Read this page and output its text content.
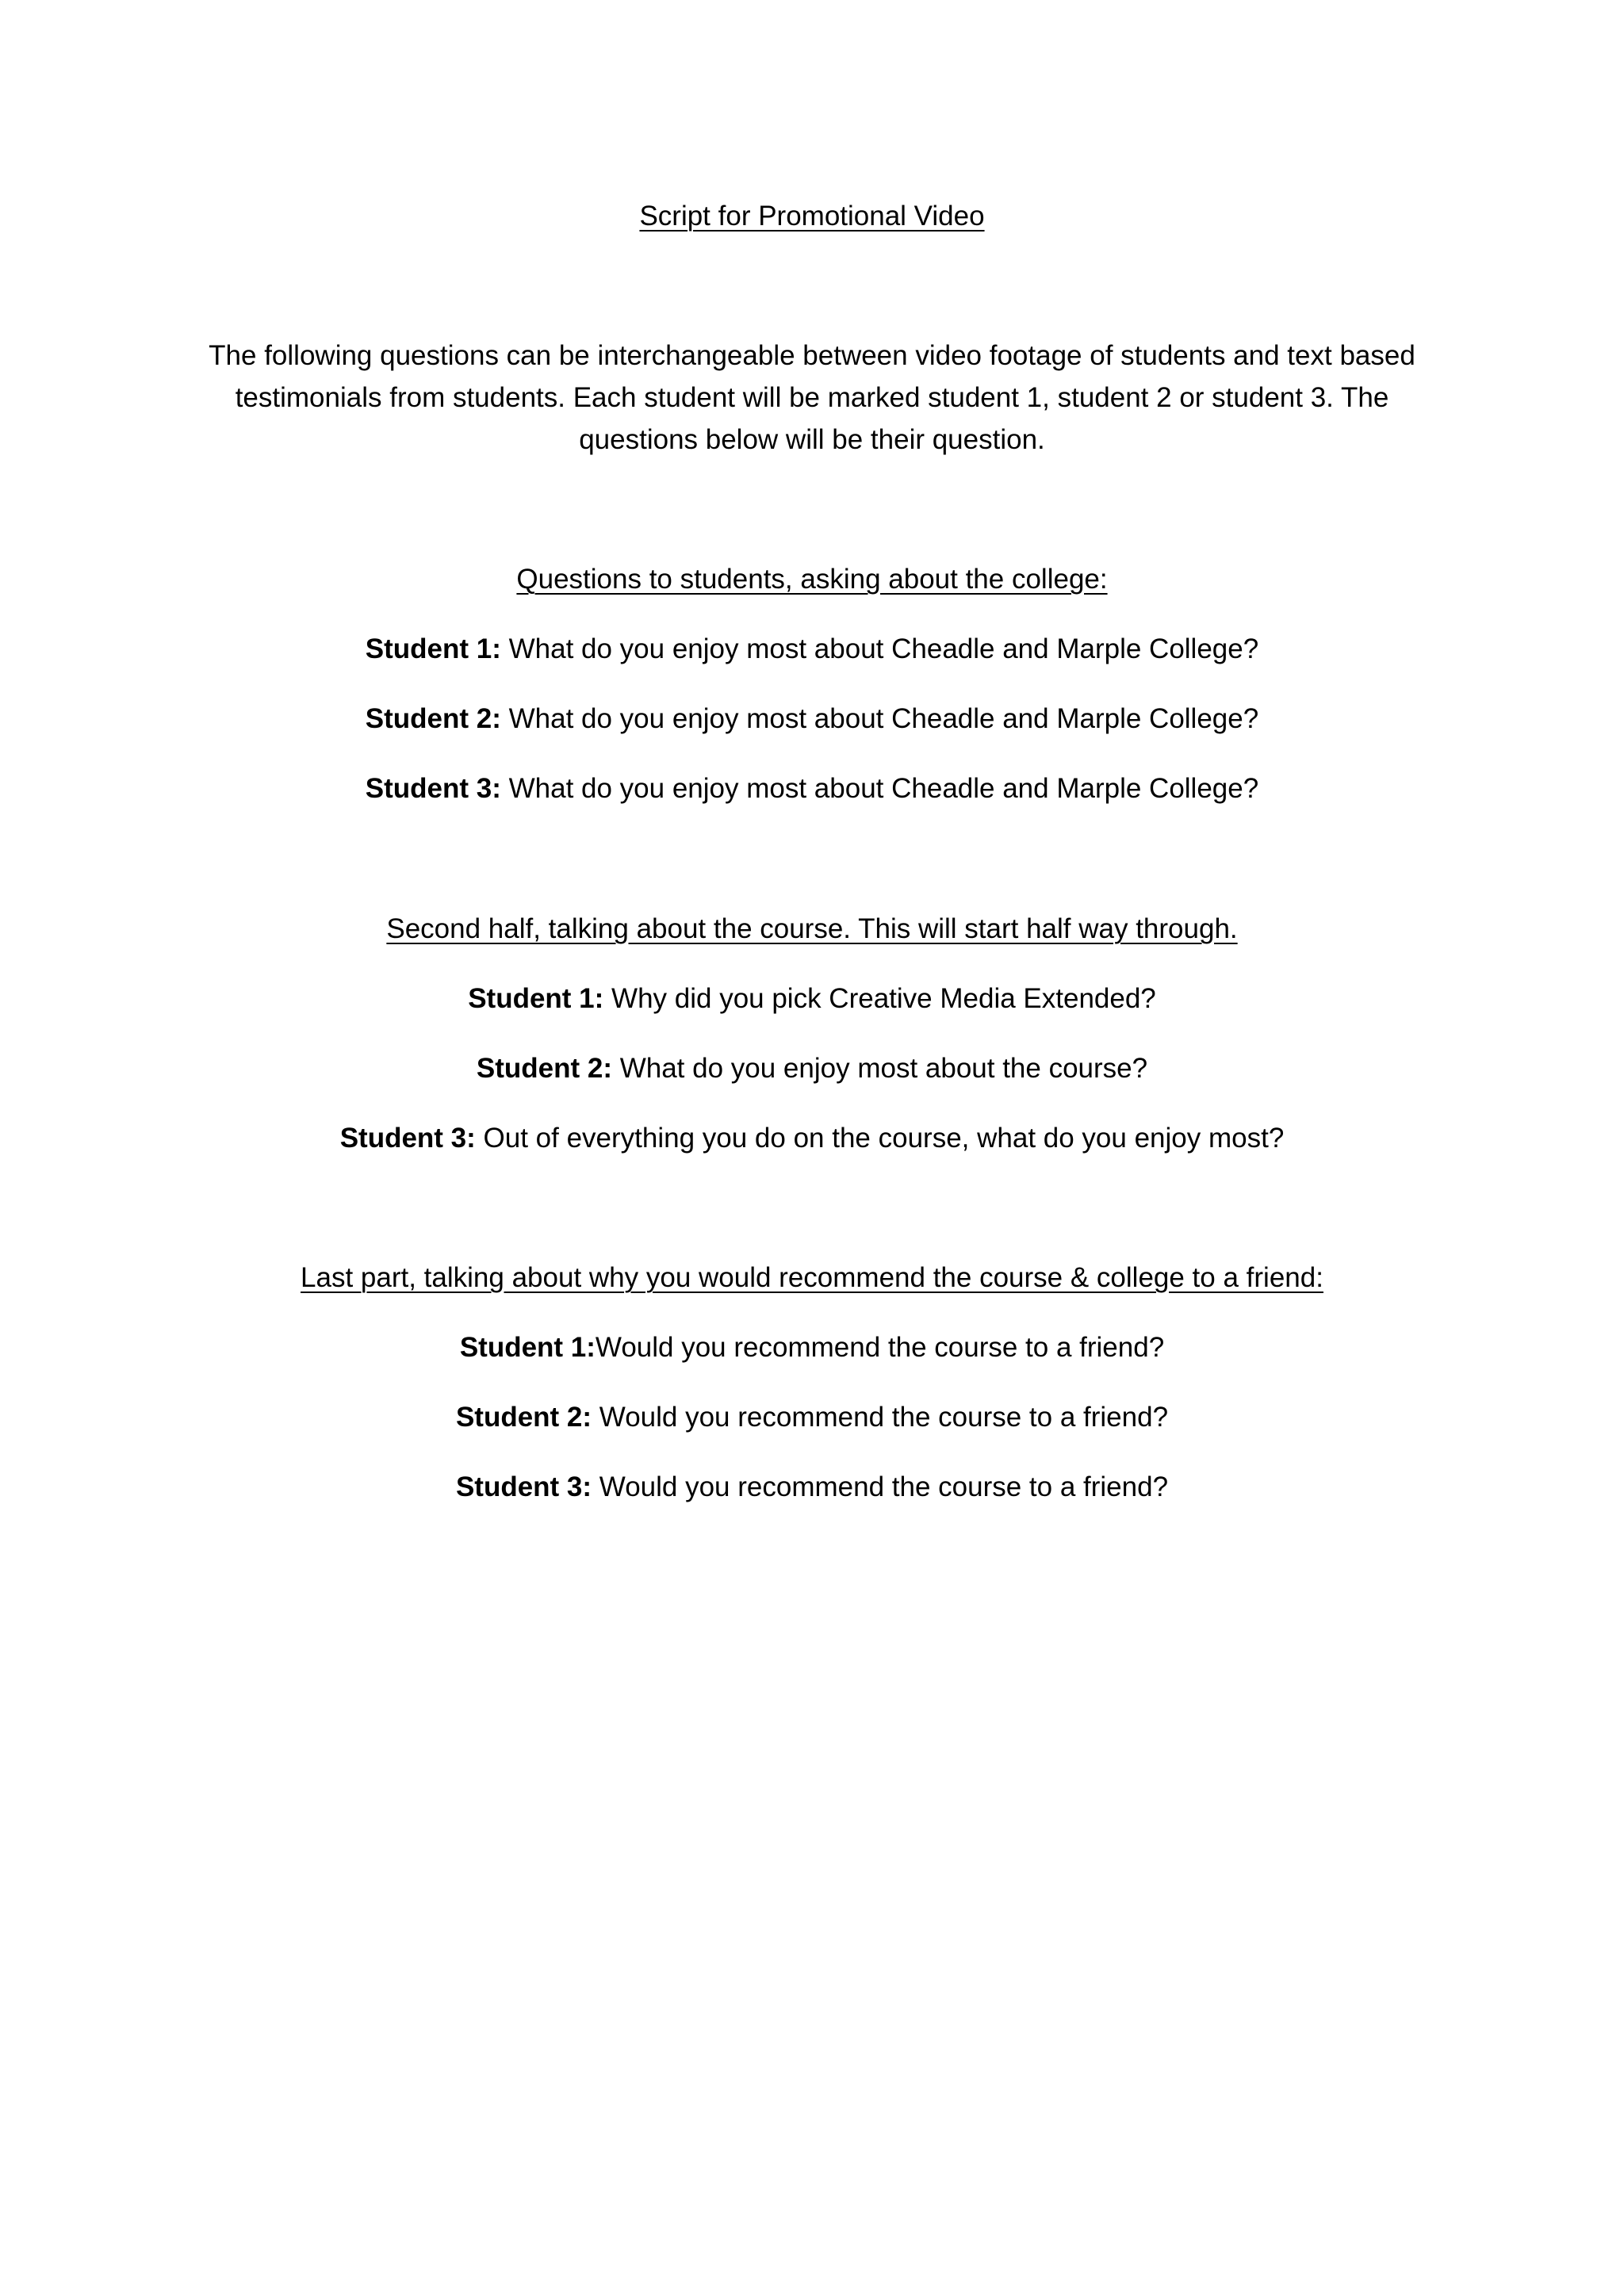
Script for Promotional Video

The following questions can be interchangeable between video footage of students and text based
testimonials from students. Each student will be marked student 1, student 2 or student 3. The
questions below will be their question.

Questions to students, asking about the college:

Student 1: What do you enjoy most about Cheadle and Marple College?

Student 2: What do you enjoy most about Cheadle and Marple College?

Student 3: What do you enjoy most about Cheadle and Marple College?

Second half, talking about the course. This will start half way through.

Student 1: Why did you pick Creative Media Extended?

Student 2: What do you enjoy most about the course?

Student 3: Out of everything you do on the course, what do you enjoy most?

Last part, talking about why you would recommend the course & college to a friend:

Student 1:Would you recommend the course to a friend?

Student 2: Would you recommend the course to a friend?

Student 3: Would you recommend the course to a friend?
